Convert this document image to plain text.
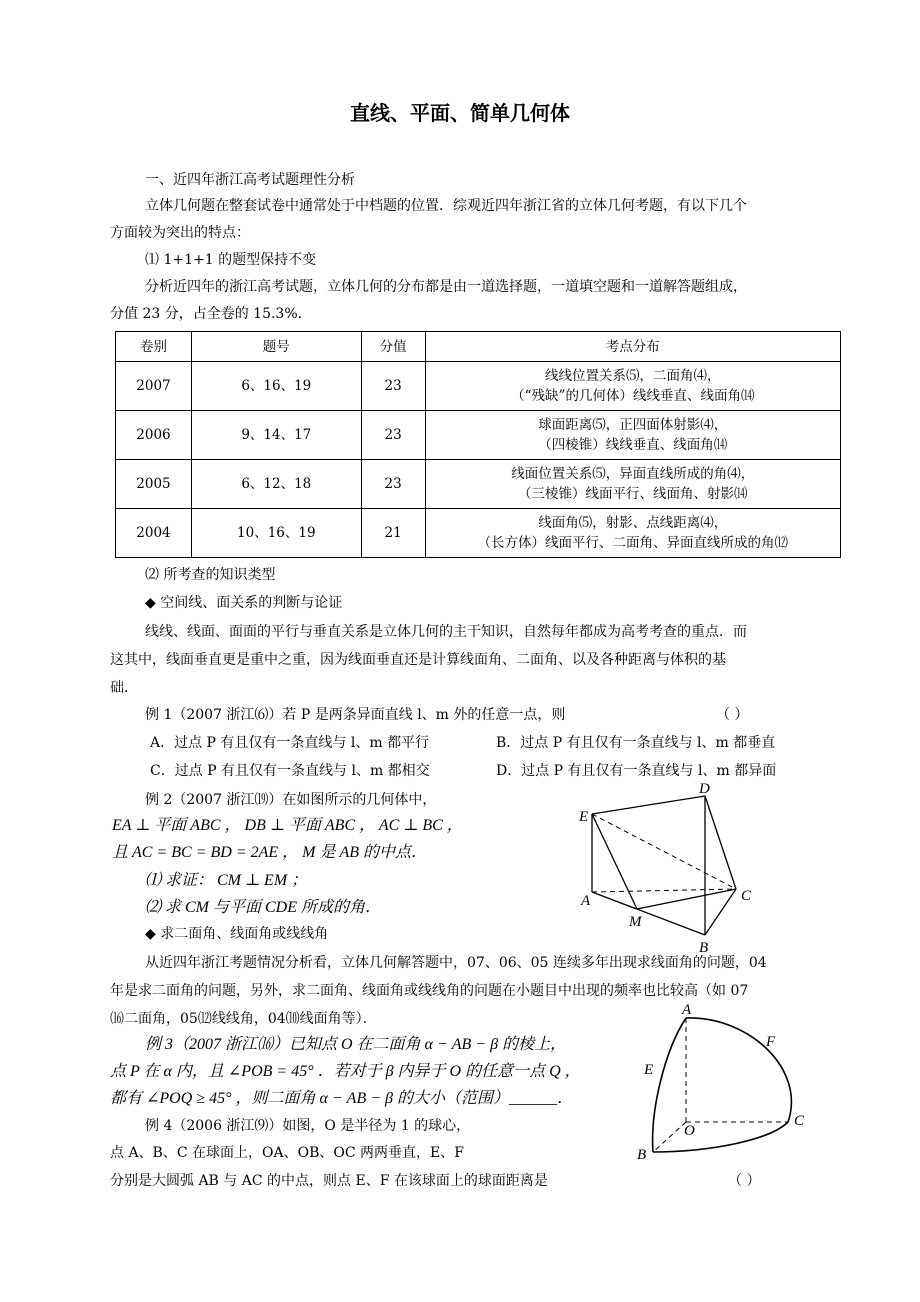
直线、平面、简单几何体
一、近四年浙江高考试题理性分析
立体几何题在整套试卷中通常处于中档题的位置．综观近四年浙江省的立体几何考题，有以下几个
方面较为突出的特点：
⑴ 1+1+1 的题型保持不变
分析近四年的浙江高考试题，立体几何的分布都是由一道选择题，一道填空题和一道解答题组成，
分值 23 分，占全卷的 15.3%．
卷别	题号	分值	考点分布
2007	6、16、19	23	线线位置关系⑸，二面角⑷，
（“残缺”的几何体）线线垂直、线面角⒁

2006	9、14、17	23	球面距离⑸，正四面体射影⑷，
（四棱锥）线线垂直、线面角⒁

2005	6、12、18	23	线面位置关系⑸，异面直线所成的角⑷，
（三棱锥）线面平行、线面角、射影⒁

2004	10、16、19	21	线面角⑸，射影、点线距离⑷，
（长方体）线面平行、二面角、异面直线所成的角⑿
⑵ 所考查的知识类型
◆ 空间线、面关系的判断与论证
线线、线面、面面的平行与垂直关系是立体几何的主干知识，自然每年都成为高考考查的重点．而
这其中，线面垂直更是重中之重，因为线面垂直还是计算线面角、二面角、以及各种距离与体积的基
础．
例 1（2007 浙江⑹）若 P 是两条异面直线 l、m 外的任意一点，则	（ ）
A．过点 P 有且仅有一条直线与 l、m 都平行	B．过点 P 有且仅有一条直线与 l、m 都垂直
C．过点 P 有且仅有一条直线与 l、m 都相交	D．过点 P 有且仅有一条直线与 l、m 都异面
例 2（2007 浙江⒆）在如图所示的几何体中，
EA ⊥ 平面 ABC ， DB ⊥ 平面 ABC ， AC ⊥ BC ，
且 AC = BC = BD = 2AE ， M 是 AB 的中点．
⑴ 求证： CM ⊥ EM ；
⑵ 求 CM 与平面 CDE 所成的角．
D
E
A
M
C
B
◆ 求二面角、线面角或线线角
从近四年浙江考题情况分析看，立体几何解答题中，07、06、05 连续多年出现求线面角的问题，04
年是求二面角的问题，另外，求二面角、线面角或线线角的问题在小题目中出现的频率也比较高（如 07
⒃二面角，05⑿线线角，04⑽线面角等）．
例 3（2007 浙江⒃）已知点 O 在二面角 α − AB − β 的棱上，
点 P 在 α 内，且 ∠POB = 45° ．若对于 β 内异于 O 的任意一点 Q ，
都有 ∠POQ ≥ 45° ，则二面角 α − AB − β 的大小（范围）______．
例 4（2006 浙江⑼）如图，O 是半径为 1 的球心，
点 A、B、C 在球面上，OA、OB、OC 两两垂直，E、F
分别是大圆弧 AB 与 AC 的中点，则点 E、F 在该球面上的球面距离是	（ ）
A
F
E
C
O
B
